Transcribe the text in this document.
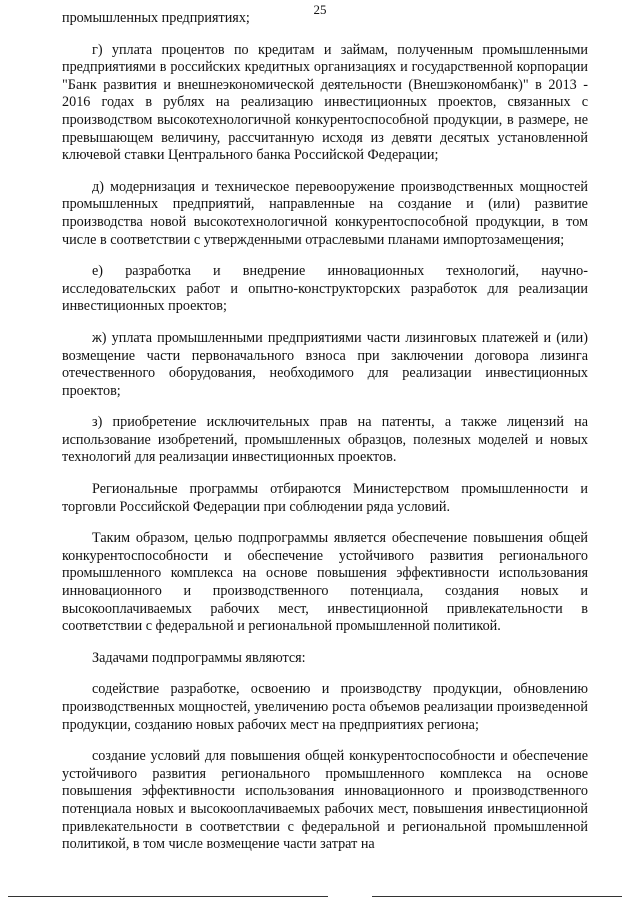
25

промышленных предприятиях;

г) уплата процентов по кредитам и займам, полученным промышленными предприятиями в российских кредитных организациях и государственной корпорации "Банк развития и внешнеэкономической деятельности (Внешэкономбанк)" в 2013 - 2016 годах в рублях на реализацию инвестиционных проектов, связанных с производством высокотехнологичной конкурентоспособной продукции, в размере, не превышающем величину, рассчитанную исходя из девяти десятых установленной ключевой ставки Центрального банка Российской Федерации;

д) модернизация и техническое перевооружение производственных мощностей промышленных предприятий, направленные на создание и (или) развитие производства новой высокотехнологичной конкурентоспособной продукции, в том числе в соответствии с утвержденными отраслевыми планами импортозамещения;

е) разработка и внедрение инновационных технологий, научно-исследовательских работ и опытно-конструкторских разработок для реализации инвестиционных проектов;

ж) уплата промышленными предприятиями части лизинговых платежей и (или) возмещение части первоначального взноса при заключении договора лизинга отечественного оборудования, необходимого для реализации инвестиционных проектов;

з) приобретение исключительных прав на патенты, а также лицензий на использование изобретений, промышленных образцов, полезных моделей и новых технологий для реализации инвестиционных проектов.

Региональные программы отбираются Министерством промышленности и торговли Российской Федерации при соблюдении ряда условий.

Таким образом, целью подпрограммы является обеспечение повышения общей конкурентоспособности и обеспечение устойчивого развития регионального промышленного комплекса на основе повышения эффективности использования инновационного и производственного потенциала, создания новых и высокооплачиваемых рабочих мест, инвестиционной привлекательности в соответствии с федеральной и региональной промышленной политикой.

Задачами подпрограммы являются:

содействие разработке, освоению и производству продукции, обновлению производственных мощностей, увеличению роста объемов реализации произведенной продукции, созданию новых рабочих мест на предприятиях региона;

создание условий для повышения общей конкурентоспособности и обеспечение устойчивого развития регионального промышленного комплекса на основе повышения эффективности использования инновационного и производственного потенциала новых и высокооплачиваемых рабочих мест, повышения инвестиционной привлекательности в соответствии с федеральной и региональной промышленной политикой, в том числе возмещение части затрат на
